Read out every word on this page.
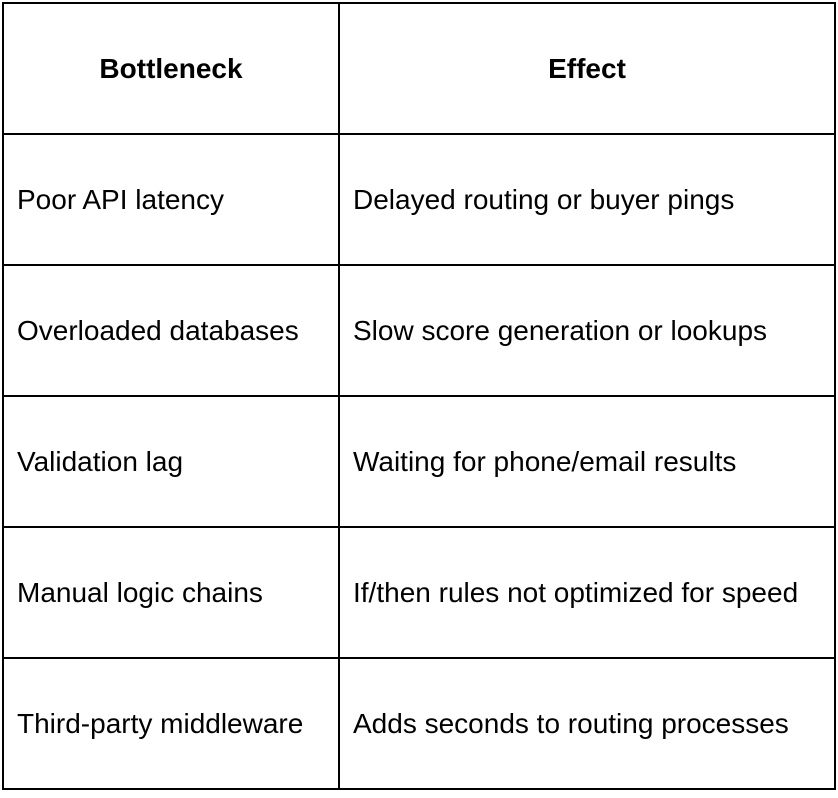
Bottleneck	Effect
Poor API latency	Delayed routing or buyer pings
Overloaded databases	Slow score generation or lookups
Validation lag	Waiting for phone/email results
Manual logic chains	If/then rules not optimized for speed
Third-party middleware	Adds seconds to routing processes
